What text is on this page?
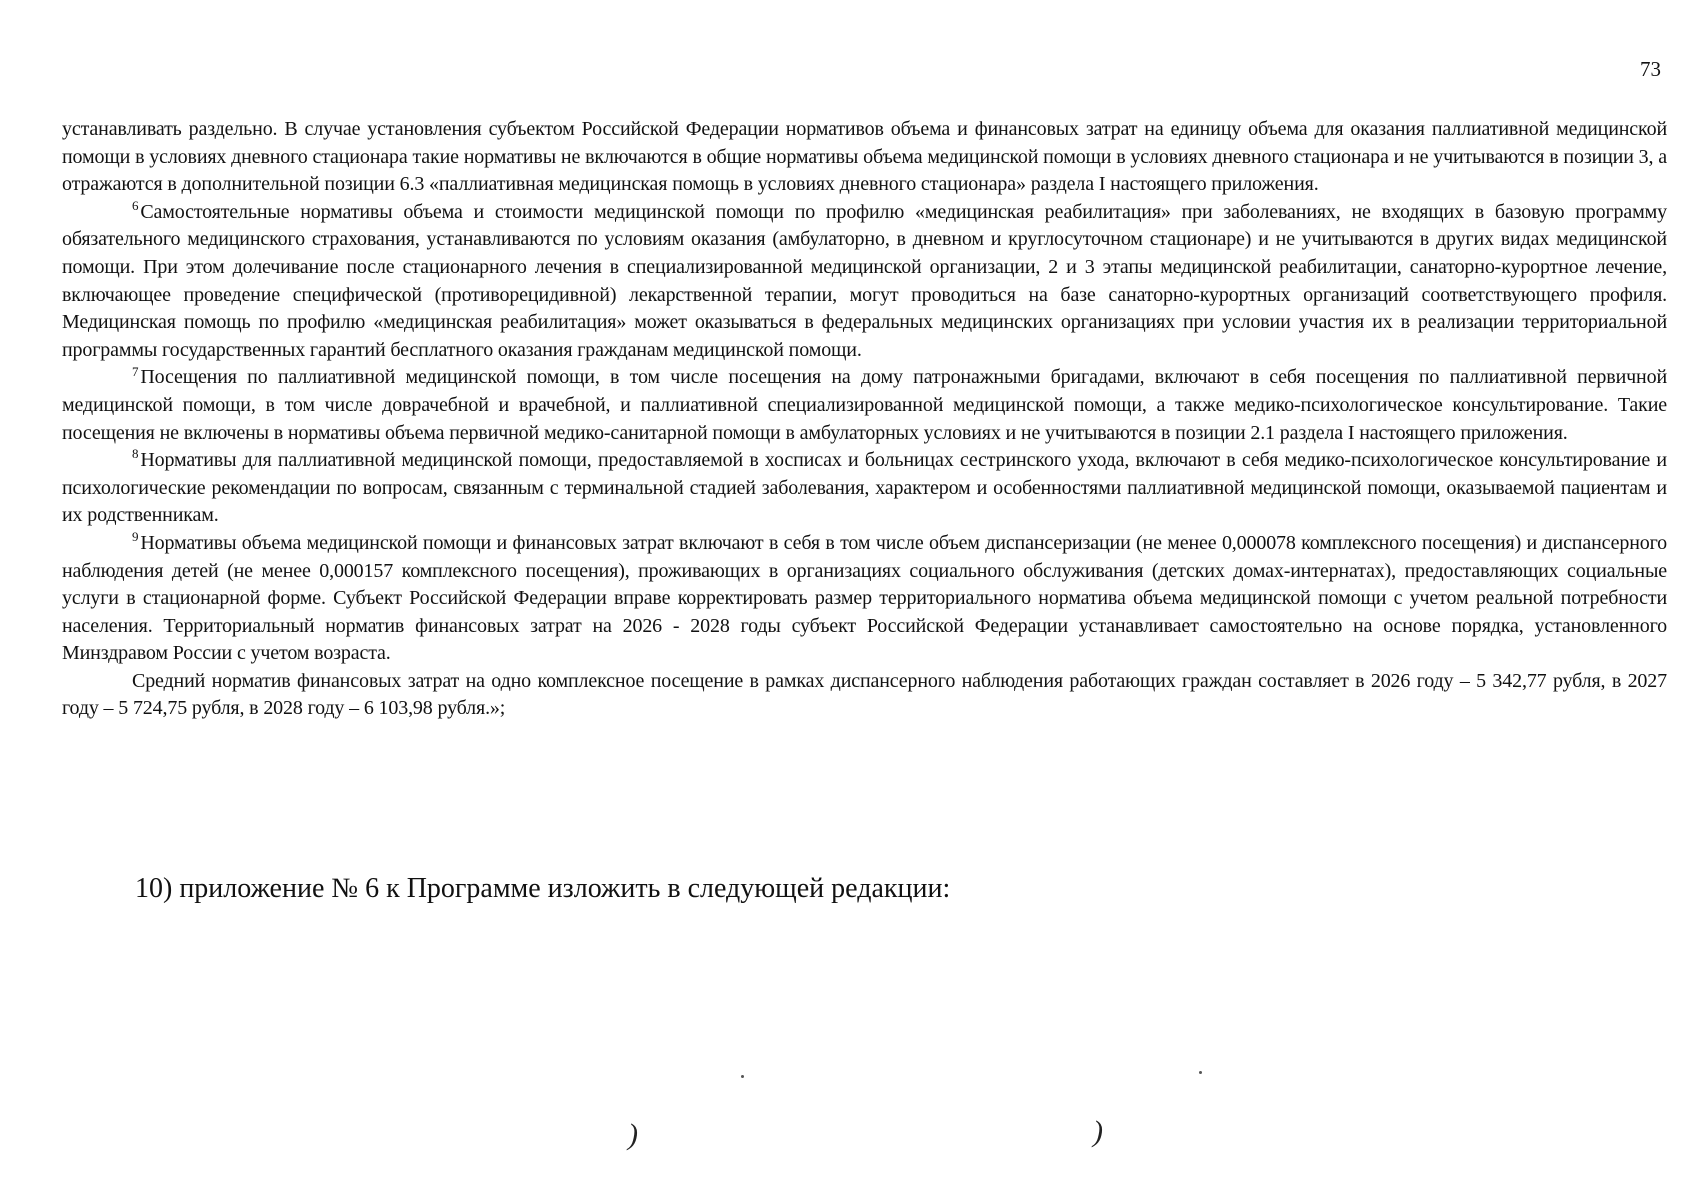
73

устанавливать раздельно. В случае установления субъектом Российской Федерации нормативов объема и финансовых затрат на единицу объема для оказания паллиативной медицинской помощи в условиях дневного стационара такие нормативы не включаются в общие нормативы объема медицинской помощи в условиях дневного стационара и не учитываются в позиции 3, а отражаются в дополнительной позиции 6.3 «паллиативная медицинская помощь в условиях дневного стационара» раздела I настоящего приложения.

$^6$ Самостоятельные нормативы объема и стоимости медицинской помощи по профилю «медицинская реабилитация» при заболеваниях, не входящих в базовую программу обязательного медицинского страхования, устанавливаются по условиям оказания (амбулаторно, в дневном и круглосуточном стационаре) и не учитываются в других видах медицинской помощи. При этом долечивание после стационарного лечения в специализированной медицинской организации, 2 и 3 этапы медицинской реабилитации, санаторно-курортное лечение, включающее проведение специфической (противорецидивной) лекарственной терапии, могут проводиться на базе санаторно-курортных организаций соответствующего профиля. Медицинская помощь по профилю «медицинская реабилитация» может оказываться в федеральных медицинских организациях при условии участия их в реализации территориальной программы государственных гарантий бесплатного оказания гражданам медицинской помощи.

$^7$ Посещения по паллиативной медицинской помощи, в том числе посещения на дому патронажными бригадами, включают в себя посещения по паллиативной первичной медицинской помощи, в том числе доврачебной и врачебной, и паллиативной специализированной медицинской помощи, а также медико-психологическое консультирование. Такие посещения не включены в нормативы объема первичной медико-санитарной помощи в амбулаторных условиях и не учитываются в позиции 2.1 раздела I настоящего приложения.

$^8$ Нормативы для паллиативной медицинской помощи, предоставляемой в хосписах и больницах сестринского ухода, включают в себя медико-психологическое консультирование и психологические рекомендации по вопросам, связанным с терминальной стадией заболевания, характером и особенностями паллиативной медицинской помощи, оказываемой пациентам и их родственникам.

$^9$ Нормативы объема медицинской помощи и финансовых затрат включают в себя в том числе объем диспансеризации (не менее 0,000078 комплексного посещения) и диспансерного наблюдения детей (не менее 0,000157 комплексного посещения), проживающих в организациях социального обслуживания (детских домах-интернатах), предоставляющих социальные услуги в стационарной форме. Субъект Российской Федерации вправе корректировать размер территориального норматива объема медицинской помощи с учетом реальной потребности населения. Территориальный норматив финансовых затрат на 2026 - 2028 годы субъект Российской Федерации устанавливает самостоятельно на основе порядка, установленного Минздравом России с учетом возраста.

Средний норматив финансовых затрат на одно комплексное посещение в рамках диспансерного наблюдения работающих граждан составляет в 2026 году – 5 342,77 рубля, в 2027 году – 5 724,75 рубля, в 2028 году – 6 103,98 рубля.»;

10) приложение № 6 к Программе изложить в следующей редакции:
)	)
